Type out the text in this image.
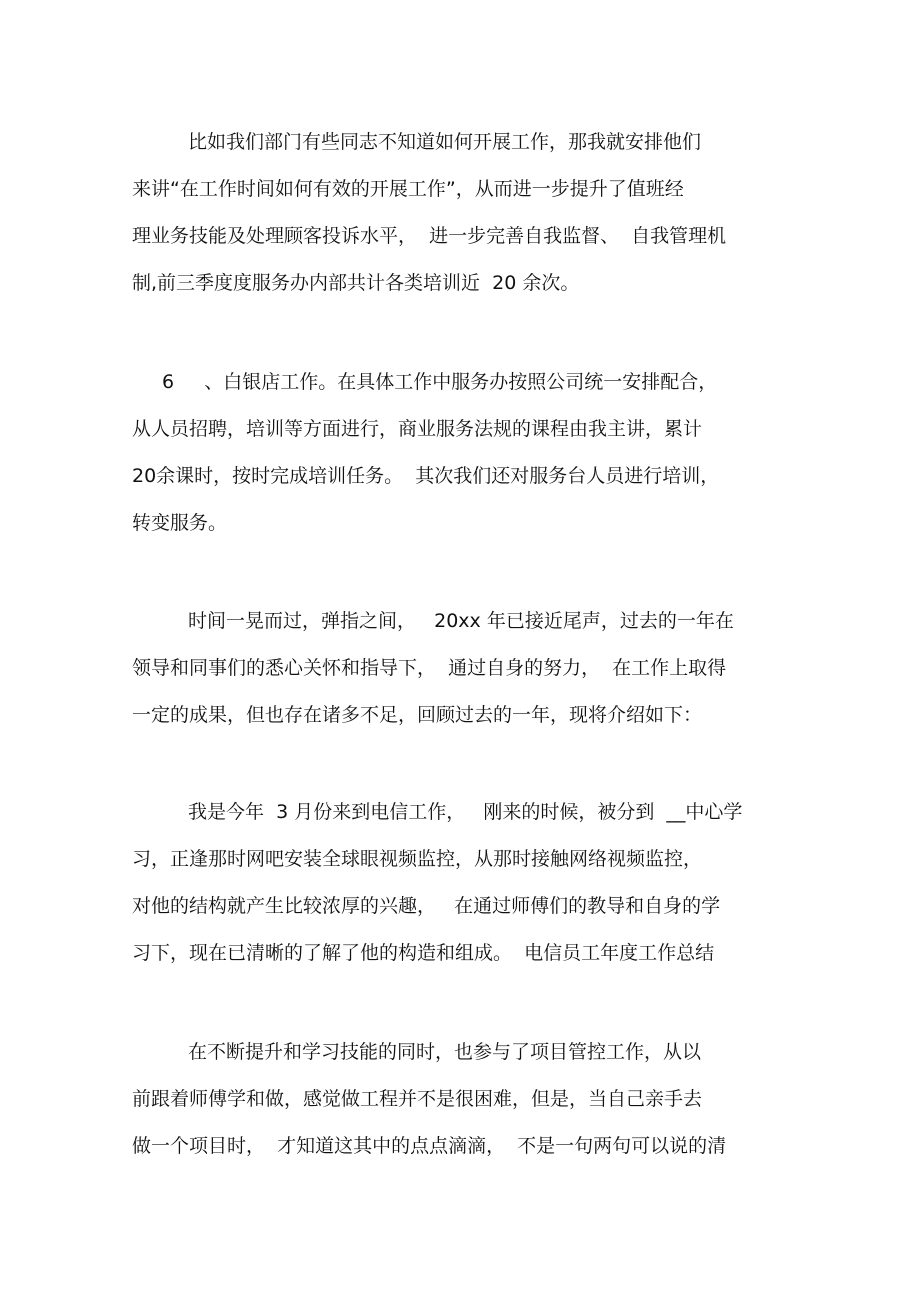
比如我们部门有些同志不知道如何开展工作，那我就安排他们
来讲“在工作时间如何有效的开展工作”，从而进一步提升了值班经
理业务技能及处理顾客投诉水平，  进一步完善自我监督、  自我管理机
制,前三季度度服务办内部共计各类培训近  20 余次。
6     、白银店工作。在具体工作中服务办按照公司统一安排配合，
从人员招聘，培训等方面进行，商业服务法规的课程由我主讲，累计
20余课时，按时完成培训任务。  其次我们还对服务台人员进行培训，
转变服务。
时间一晃而过，弹指之间，   20xx 年已接近尾声，过去的一年在
领导和同事们的悉心关怀和指导下，  通过自身的努力，  在工作上取得
一定的成果，但也存在诸多不足，回顾过去的一年，现将介绍如下：
我是今年  3 月份来到电信工作，   刚来的时候，被分到  __中心学
习，正逢那时网吧安装全球眼视频监控，从那时接触网络视频监控，
对他的结构就产生比较浓厚的兴趣，   在通过师傅们的教导和自身的学
习下，现在已清晰的了解了他的构造和组成。  电信员工年度工作总结
在不断提升和学习技能的同时，也参与了项目管控工作，从以
前跟着师傅学和做，感觉做工程并不是很困难，但是，当自己亲手去
做一个项目时，  才知道这其中的点点滴滴，  不是一句两句可以说的清
